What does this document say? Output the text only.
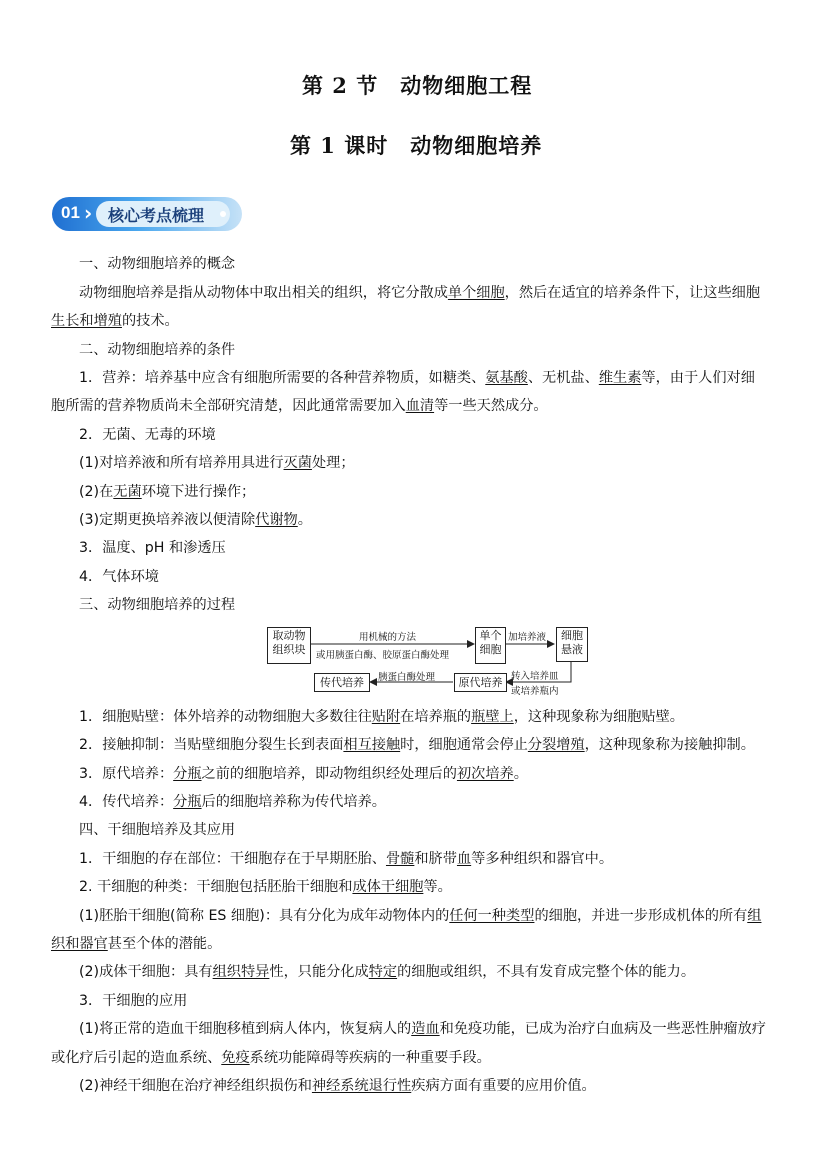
第 2 节　动物细胞工程
第 1 课时　动物细胞培养
01 › 核心考点梳理
一、动物细胞培养的概念
动物细胞培养是指从动物体中取出相关的组织，将它分散成单个细胞，然后在适宜的培养条件下，让这些细胞
生长和增殖的技术。
二、动物细胞培养的条件
1．营养：培养基中应含有细胞所需要的各种营养物质，如糖类、氨基酸、无机盐、维生素等，由于人们对细
胞所需的营养物质尚未全部研究清楚，因此通常需要加入血清等一些天然成分。
2．无菌、无毒的环境
(1)对培养液和所有培养用具进行灭菌处理；
(2)在无菌环境下进行操作；
(3)定期更换培养液以便清除代谢物。
3．温度、pH 和渗透压
4．气体环境
三、动物细胞培养的过程
取动物
组织块
用机械的方法
或用胰蛋白酶、胶原蛋白酶处理
单个
细胞
加培养液	细胞
悬液
原代培养 转入培养皿
或培养瓶内
胰蛋白酶处理
传代培养
1．细胞贴壁：体外培养的动物细胞大多数往往贴附在培养瓶的瓶壁上，这种现象称为细胞贴壁。
2．接触抑制：当贴壁细胞分裂生长到表面相互接触时，细胞通常会停止分裂增殖，这种现象称为接触抑制。
3．原代培养：分瓶之前的细胞培养，即动物组织经处理后的初次培养。
4．传代培养：分瓶后的细胞培养称为传代培养。
四、干细胞培养及其应用
1．干细胞的存在部位：干细胞存在于早期胚胎、骨髓和脐带血等多种组织和器官中。
2. 干细胞的种类：干细胞包括胚胎干细胞和成体干细胞等。
(1)胚胎干细胞(简称 ES 细胞)：具有分化为成年动物体内的任何一种类型的细胞，并进一步形成机体的所有组
织和器官甚至个体的潜能。
(2)成体干细胞：具有组织特异性，只能分化成特定的细胞或组织，不具有发育成完整个体的能力。
3．干细胞的应用
(1)将正常的造血干细胞移植到病人体内，恢复病人的造血和免疫功能，已成为治疗白血病及一些恶性肿瘤放疗
或化疗后引起的造血系统、免疫系统功能障碍等疾病的一种重要手段。
(2)神经干细胞在治疗神经组织损伤和神经系统退行性疾病方面有重要的应用价值。
